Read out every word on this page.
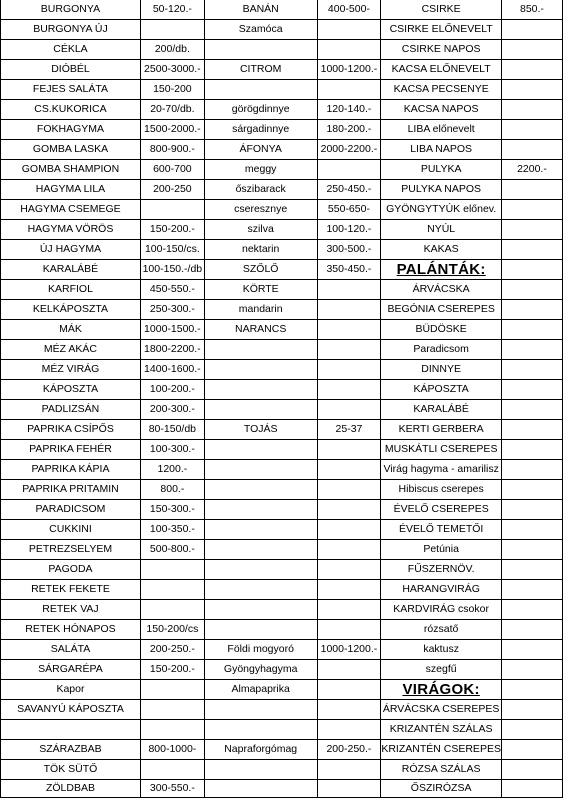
BURGONYA	50-120.-	BANÁN	400-500-	CSIRKE	850.-
BURGONYA ÚJ		Szamóca		CSIRKE ELŐNEVELT	
CÉKLA	200/db.			CSIRKE NAPOS	
DIÓBÉL	2500-3000.-	CITROM	1000-1200.-	KACSA ELŐNEVELT	
FEJES SALÁTA	150-200			KACSA PECSENYE	
CS.KUKORICA	20-70/db.	görögdinnye	120-140.-	KACSA NAPOS	
FOKHAGYMA	1500-2000.-	sárgadinnye	180-200.-	LIBA előnevelt	
GOMBA LASKA	800-900.-	ÁFONYA	2000-2200.-	LIBA NAPOS	
GOMBA SHAMPION	600-700	meggy		PULYKA	2200.-
HAGYMA LILA	200-250	őszibarack	250-450.-	PULYKA NAPOS	
HAGYMA CSEMEGE		cseresznye	550-650-	GYÖNGYTYÚK előnev.	
HAGYMA VÖRÖS	150-200.-	szilva	100-120.-	NYÚL	
ÚJ HAGYMA	100-150/cs.	nektarin	300-500.-	KAKAS	
KARALÁBÉ	100-150.-/db	SZŐLŐ	350-450.-	PALÁNTÁK:	
KARFIOL	450-550.-	KÖRTE		ÁRVÁCSKA	
KELKÁPOSZTA	250-300.-	mandarin		BEGÓNIA CSEREPES	
MÁK	1000-1500.-	NARANCS		BÜDÖSKE	
MÉZ AKÁC	1800-2200.-			Paradicsom	
MÉZ VIRÁG	1400-1600.-			DINNYE	
KÁPOSZTA	100-200.-			KÁPOSZTA	
PADLIZSÁN	200-300.-			KARALÁBÉ	
PAPRIKA CSÍPŐS	80-150/db	TOJÁS	25-37	KERTI GERBERA	
PAPRIKA FEHÉR	100-300.-			MUSKÁTLI CSEREPES	
PAPRIKA KÁPIA	1200.-			Virág hagyma - amarilisz	
PAPRIKA PRITAMIN	800.-			Hibiscus cserepes	
PARADICSOM	150-300.-			ÉVELŐ CSEREPES	
CUKKINI	100-350.-			ÉVELŐ TEMETŐI	
PETREZSELYEM	500-800.-			Petúnia	
PAGODA				FŰSZERNÖV.	
RETEK FEKETE				HARANGVIRÁG	
RETEK VAJ				KARDVIRÁG csokor	
RETEK HÓNAPOS	150-200/cs			rózsatő	
SALÁTA	200-250.-	Földi mogyoró	1000-1200.-	kaktusz	
SÁRGARÉPA	150-200.-	Gyöngyhagyma		szegfű	
Kapor		Almapaprika		VIRÁGOK:	
SAVANYÚ KÁPOSZTA				ÁRVÁCSKA CSEREPES	
				KRIZANTÉN SZÁLAS	
SZÁRAZBAB	800-1000-	Napraforgómag	200-250.-	KRIZANTÉN CSEREPES	
TÖK SÜTŐ				RÓZSA SZÁLAS	
ZÖLDBAB	300-550.-			ŐSZIRÓZSA	
